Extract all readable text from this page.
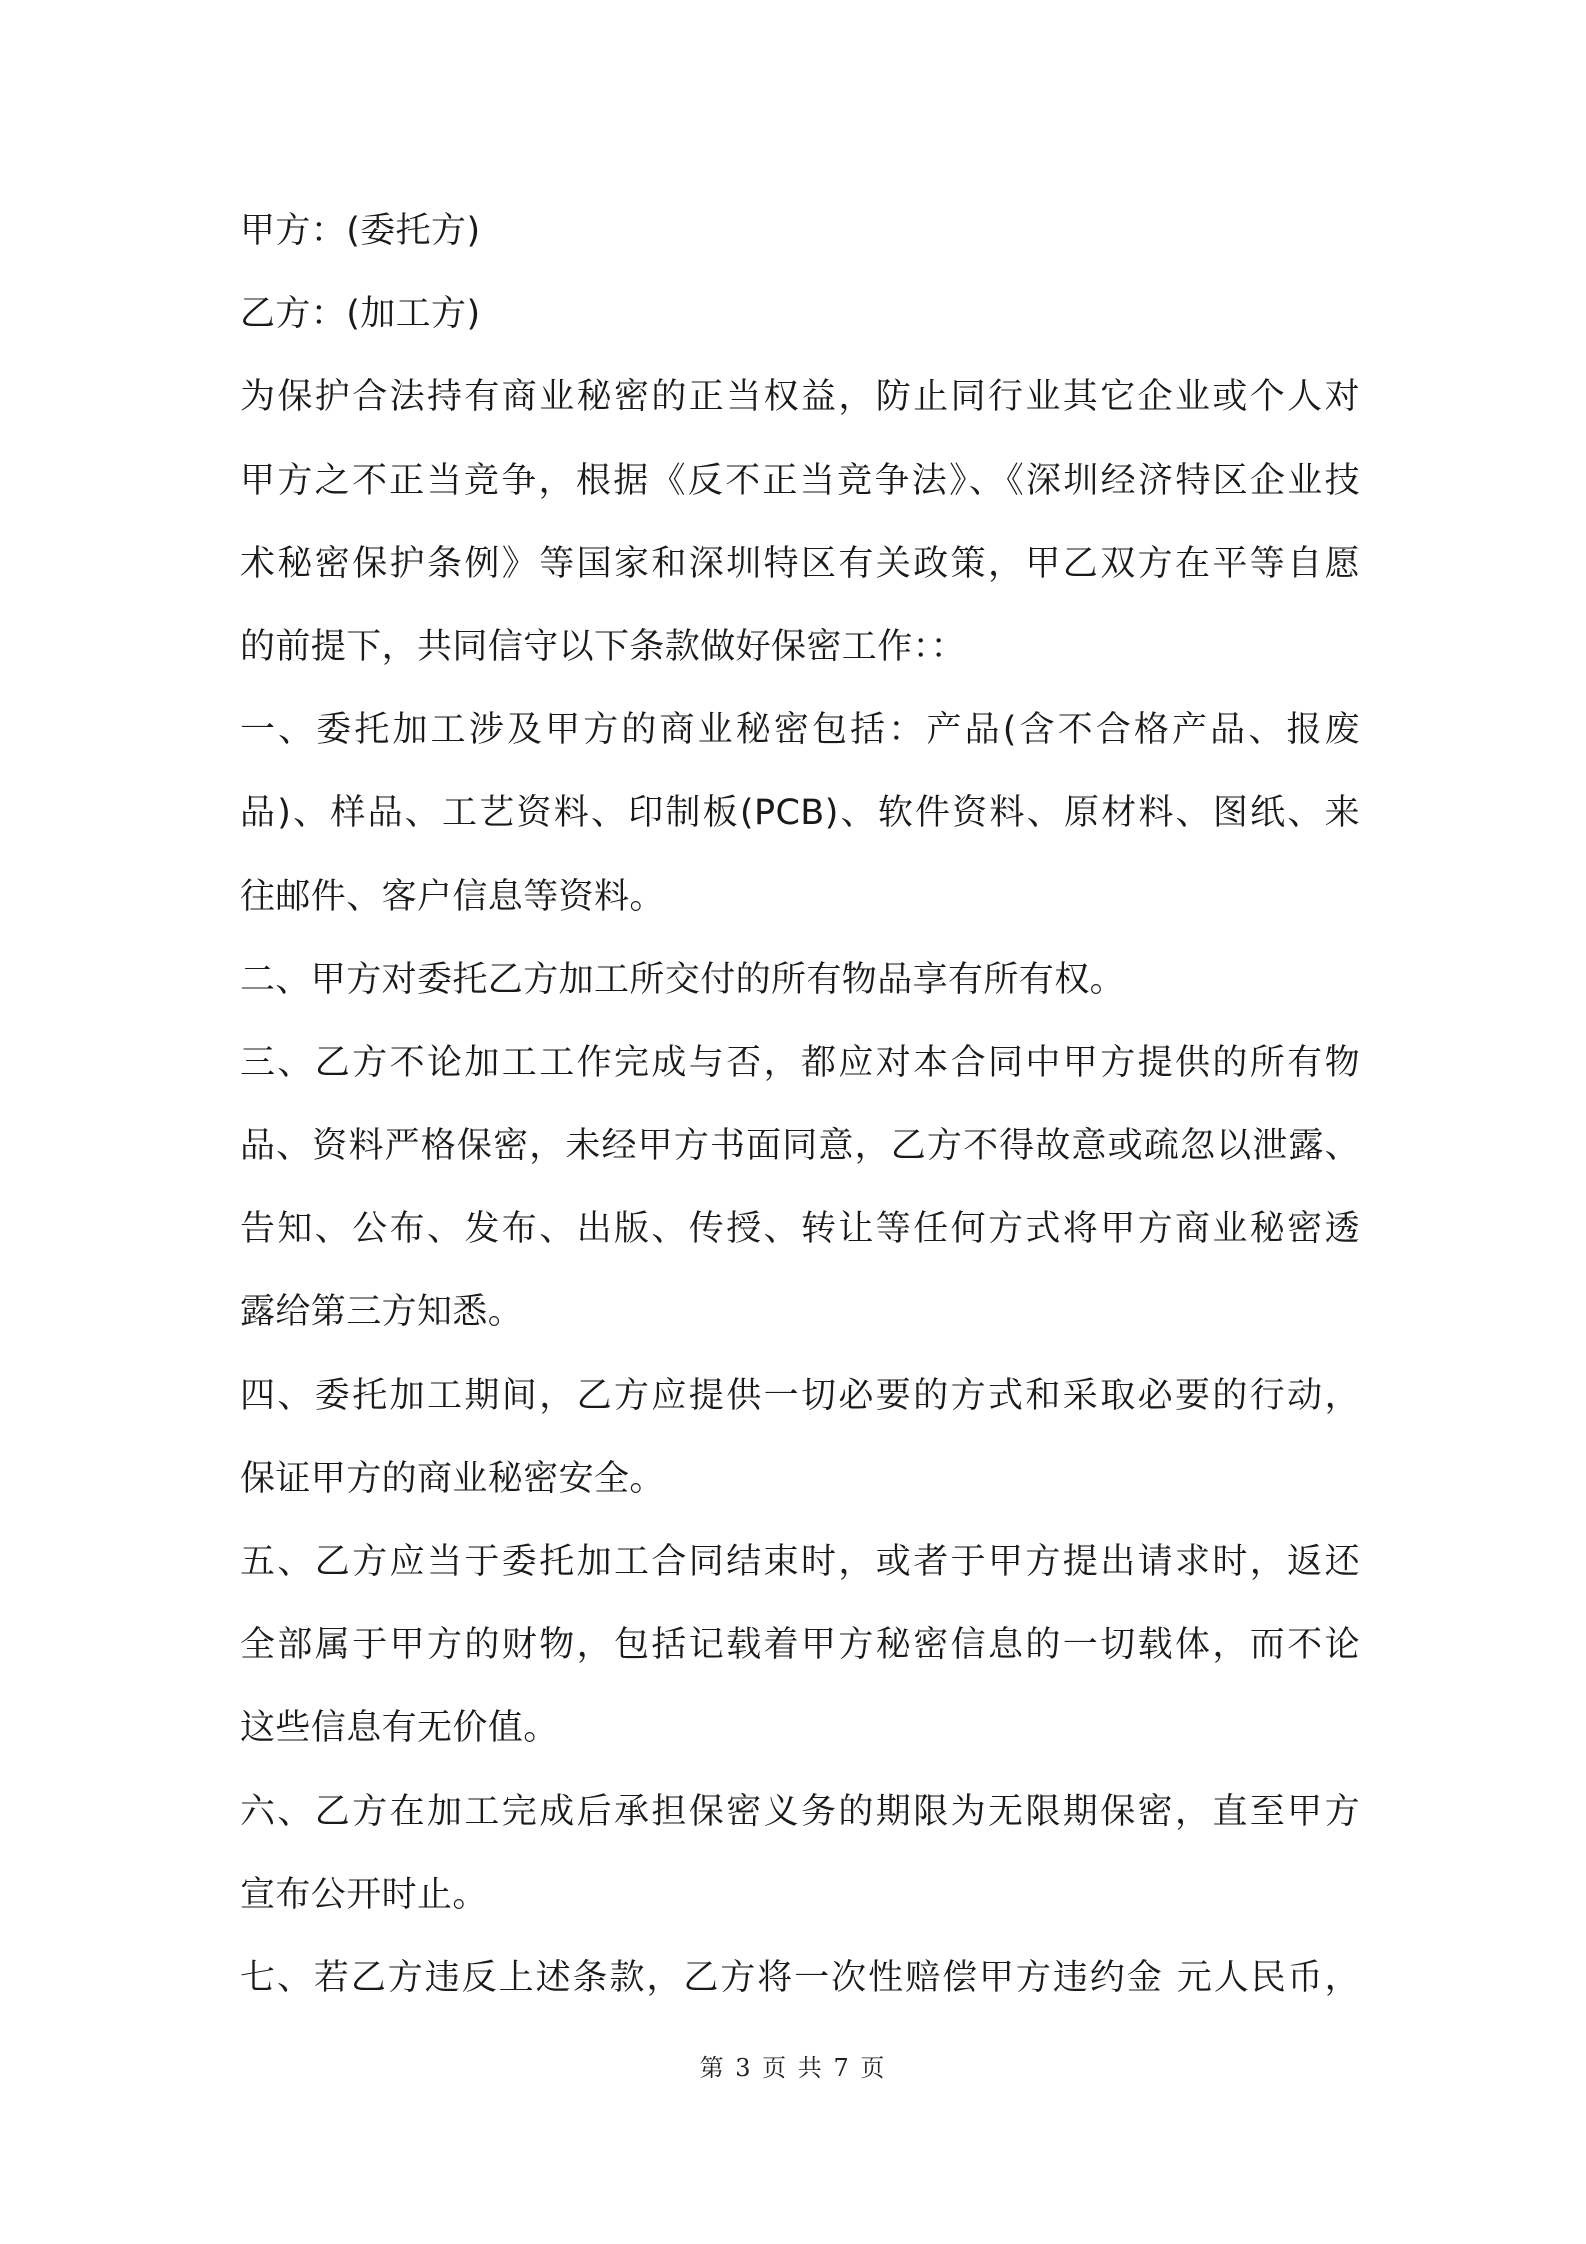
甲方：(委托方)
乙方：(加工方)
为保护合法持有商业秘密的正当权益，防止同行业其它企业或个人对
甲方之不正当竞争，根据《反不正当竞争法》、《深圳经济特区企业技
术秘密保护条例》等国家和深圳特区有关政策，甲乙双方在平等自愿
的前提下，共同信守以下条款做好保密工作：：
一、委托加工涉及甲方的商业秘密包括：产品(含不合格产品、报废
品)、样品、工艺资料、印制板(PCB)、软件资料、原材料、图纸、来
往邮件、客户信息等资料。
二、甲方对委托乙方加工所交付的所有物品享有所有权。
三、乙方不论加工工作完成与否，都应对本合同中甲方提供的所有物
品、资料严格保密，未经甲方书面同意，乙方不得故意或疏忽以泄露、
告知、公布、发布、出版、传授、转让等任何方式将甲方商业秘密透
露给第三方知悉。
四、委托加工期间，乙方应提供一切必要的方式和采取必要的行动，
保证甲方的商业秘密安全。
五、乙方应当于委托加工合同结束时，或者于甲方提出请求时，返还
全部属于甲方的财物，包括记载着甲方秘密信息的一切载体，而不论
这些信息有无价值。
六、乙方在加工完成后承担保密义务的期限为无限期保密，直至甲方
宣布公开时止。
七、若乙方违反上述条款，乙方将一次性赔偿甲方违约金 元人民币，
第 3 页 共 7 页
